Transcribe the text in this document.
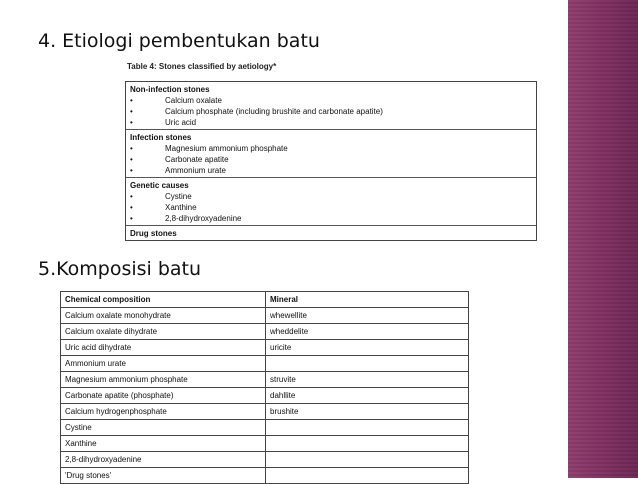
4. Etiologi pembentukan batu
Table 4: Stones classified by aetiology*
Non-infection stones
•	Calcium oxalate
•	Calcium phosphate (including brushite and carbonate apatite)
•	Uric acid
Infection stones
•	Magnesium ammonium phosphate
•	Carbonate apatite
•	Ammonium urate
Genetic causes
•	Cystine
•	Xanthine
•	2,8-dihydroxyadenine
Drug stones
5.Komposisi batu
Chemical composition	Mineral
Calcium oxalate monohydrate	whewellite
Calcium oxalate dihydrate	wheddelite
Uric acid dihydrate	uricite
Ammonium urate	
Magnesium ammonium phosphate	struvite
Carbonate apatite (phosphate)	dahllite
Calcium hydrogenphosphate	brushite
Cystine	
Xanthine	
2,8-dihydroxyadenine	
'Drug stones'	
